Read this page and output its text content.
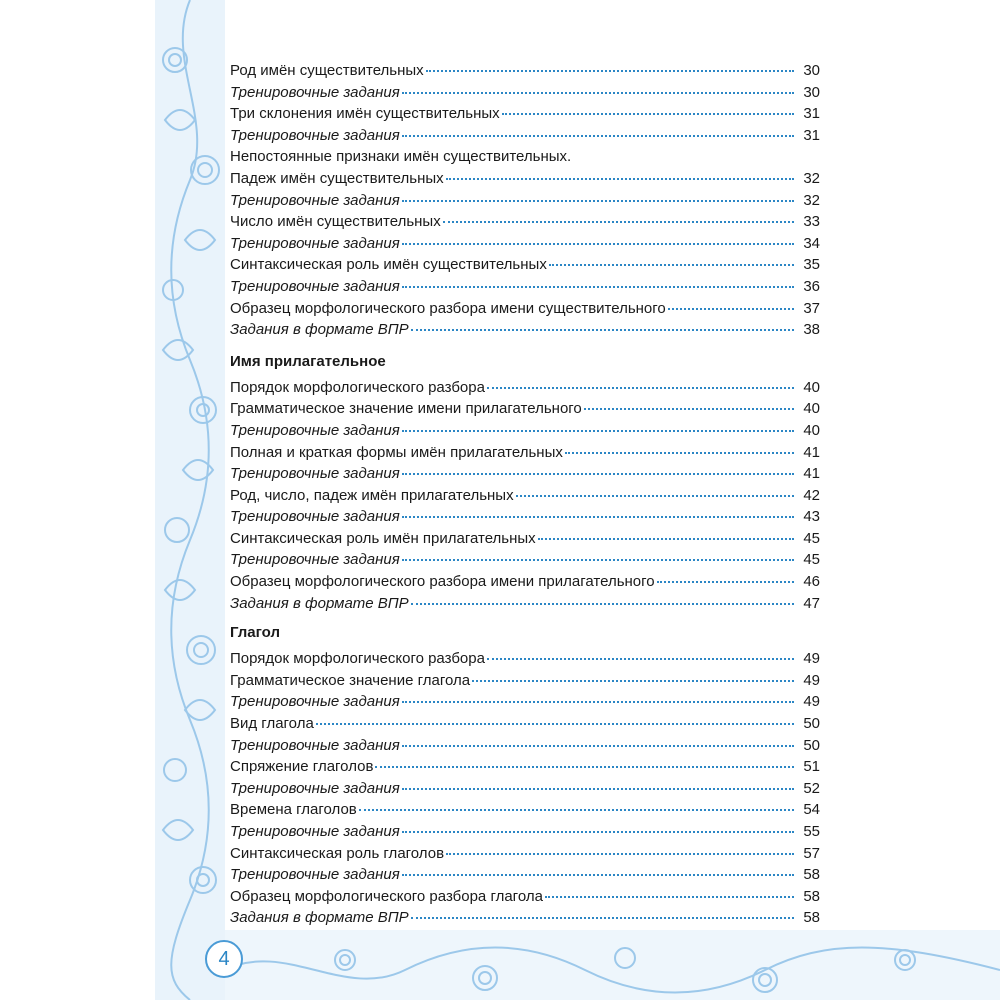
Род имён существительных	30
Тренировочные задания	30
Три склонения имён существительных	31
Тренировочные задания	31
Непостоянные признаки имён существительных.
Падеж имён существительных	32
Тренировочные задания	32
Число имён существительных	33
Тренировочные задания	34
Синтаксическая роль имён существительных	35
Тренировочные задания	36
Образец морфологического разбора имени существительного	37
Задания в формате ВПР	38
Имя прилагательное
Порядок морфологического разбора	40
Грамматическое значение имени прилагательного	40
Тренировочные задания	40
Полная и краткая формы имён прилагательных	41
Тренировочные задания	41
Род, число, падеж имён прилагательных	42
Тренировочные задания	43
Синтаксическая роль имён прилагательных	45
Тренировочные задания	45
Образец морфологического разбора имени прилагательного	46
Задания в формате ВПР	47
Глагол
Порядок морфологического разбора	49
Грамматическое значение глагола	49
Тренировочные задания	49
Вид глагола	50
Тренировочные задания	50
Спряжение глаголов	51
Тренировочные задания	52
Времена глаголов	54
Тренировочные задания	55
Синтаксическая роль глаголов	57
Тренировочные задания	58
Образец морфологического разбора глагола	58
Задания в формате ВПР	58
4
